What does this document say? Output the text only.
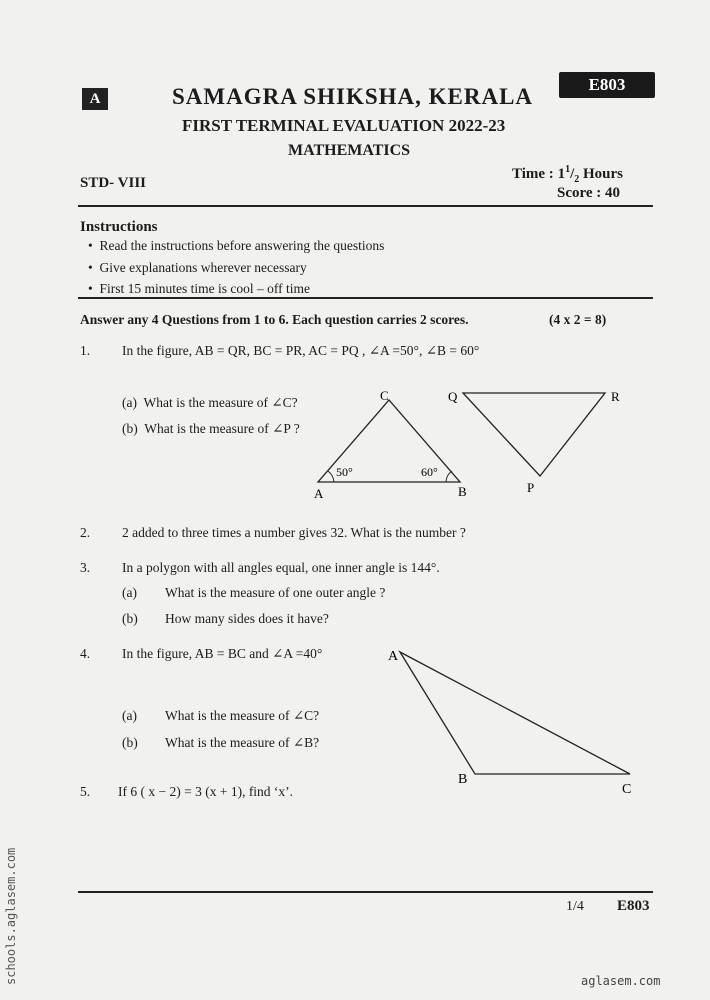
A
E803
SAMAGRA SHIKSHA, KERALA
FIRST TERMINAL EVALUATION 2022-23
MATHEMATICS
STD- VIII
Time : $1^1/_2$ Hours
Score : 40
Instructions
•  Read the instructions before answering the questions
•  Give explanations wherever necessary
•  First 15 minutes time is cool – off time
Answer any 4 Questions from 1 to 6. Each question carries 2 scores.	(4 x 2 = 8)
1. In the figure, AB = QR, BC = PR, AC = PQ , ∠A =50°, ∠B = 60°
(a) What is the measure of ∠C?
(b) What is the measure of ∠P ?
A	B
C
50°	60°
Q	R
P
2. 2 added to three times a number gives 32. What is the number ?
3. In a polygon with all angles equal, one inner angle is 144°.
(a) What is the measure of one outer angle ?
(b) How many sides does it have?
4. In the figure, AB = BC and ∠A =40°
(a) What is the measure of ∠C?
(b) What is the measure of ∠B?
A
B
C
5. If 6 ( x − 2) = 3 (x + 1), find ‘x’.
1/4 E803
schools.aglasem.com	aglasem.com
